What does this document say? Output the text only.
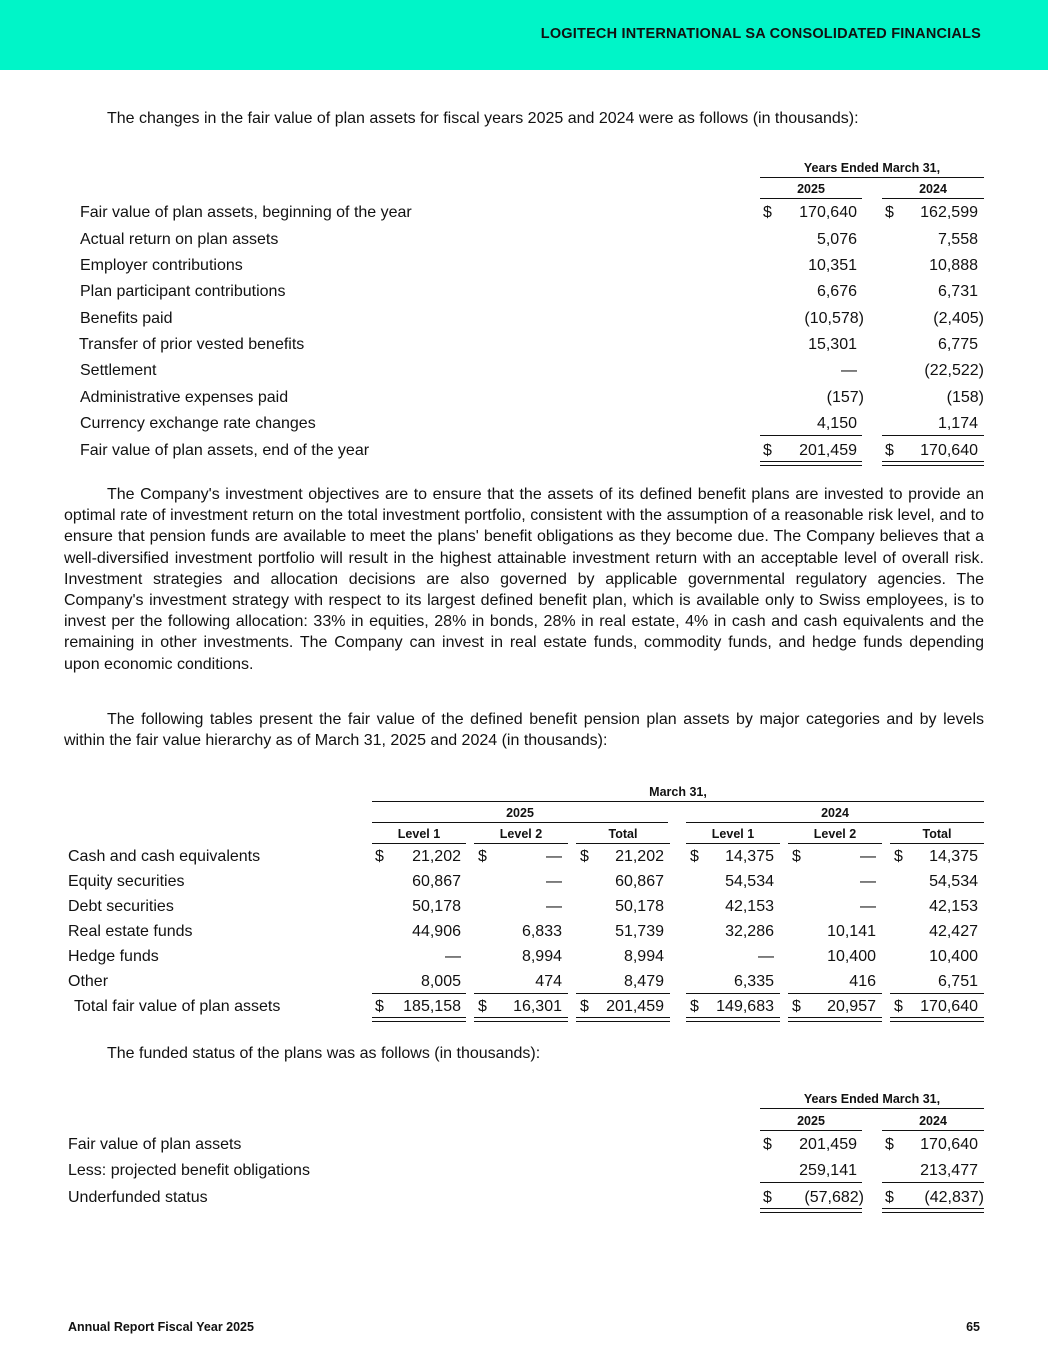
LOGITECH INTERNATIONAL SA CONSOLIDATED FINANCIALS
The changes in the fair value of plan assets for fiscal years 2025 and 2024 were as follows (in thousands):
Years Ended March 31,
2025	2024
Fair value of plan assets, beginning of the year	$ 170,640 $ 162,599
Actual return on plan assets	5,076	7,558
Employer contributions	10,351	10,888
Plan participant contributions	6,676	6,731
Benefits paid	(10,578)	(2,405)
Transfer of prior vested benefits	15,301	6,775
Settlement	—	(22,522)
Administrative expenses paid	(157)	(158)
Currency exchange rate changes	4,150	1,174
Fair value of plan assets, end of the year	$ 201,459 $ 170,640
The Company's investment objectives are to ensure that the assets of its defined benefit plans are invested to provide an optimal rate of investment return on the total investment portfolio, consistent with the assumption of a reasonable risk level, and to ensure that pension funds are available to meet the plans' benefit obligations as they become due. The Company believes that a well-diversified investment portfolio will result in the highest attainable investment return with an acceptable level of overall risk. Investment strategies and allocation decisions are also governed by applicable governmental regulatory agencies. The Company's investment strategy with respect to its largest defined benefit plan, which is available only to Swiss employees, is to invest per the following allocation: 33% in equities, 28% in bonds, 28% in real estate, 4% in cash and cash equivalents and the remaining in other investments. The Company can invest in real estate funds, commodity funds, and hedge funds depending upon economic conditions.
The following tables present the fair value of the defined benefit pension plan assets by major categories and by levels within the fair value hierarchy as of March 31, 2025 and 2024 (in thousands):
March 31,
2025	2024
Level 1	Level 2	Total	Level 1	Level 2	Total
Cash and cash equivalents	$ 21,202 $	— $ 21,202 $ 14,375 $	— $ 14,375
Equity securities	60,867	—	60,867	54,534	—	54,534
Debt securities	50,178	—	50,178	42,153	—	42,153
Real estate funds	44,906	6,833	51,739	32,286	10,141	42,427
Hedge funds	—	8,994	8,994	—	10,400	10,400
Other	8,005	474	8,479	6,335	416	6,751
Total fair value of plan assets	$ 185,158 $ 16,301 $ 201,459 $ 149,683 $ 20,957 $ 170,640
The funded status of the plans was as follows (in thousands):
Years Ended March 31,
2025	2024
Fair value of plan assets	$ 201,459 $ 170,640
Less: projected benefit obligations	259,141	213,477
Underfunded status	$ (57,682) $ (42,837)
Annual Report Fiscal Year 2025	65
